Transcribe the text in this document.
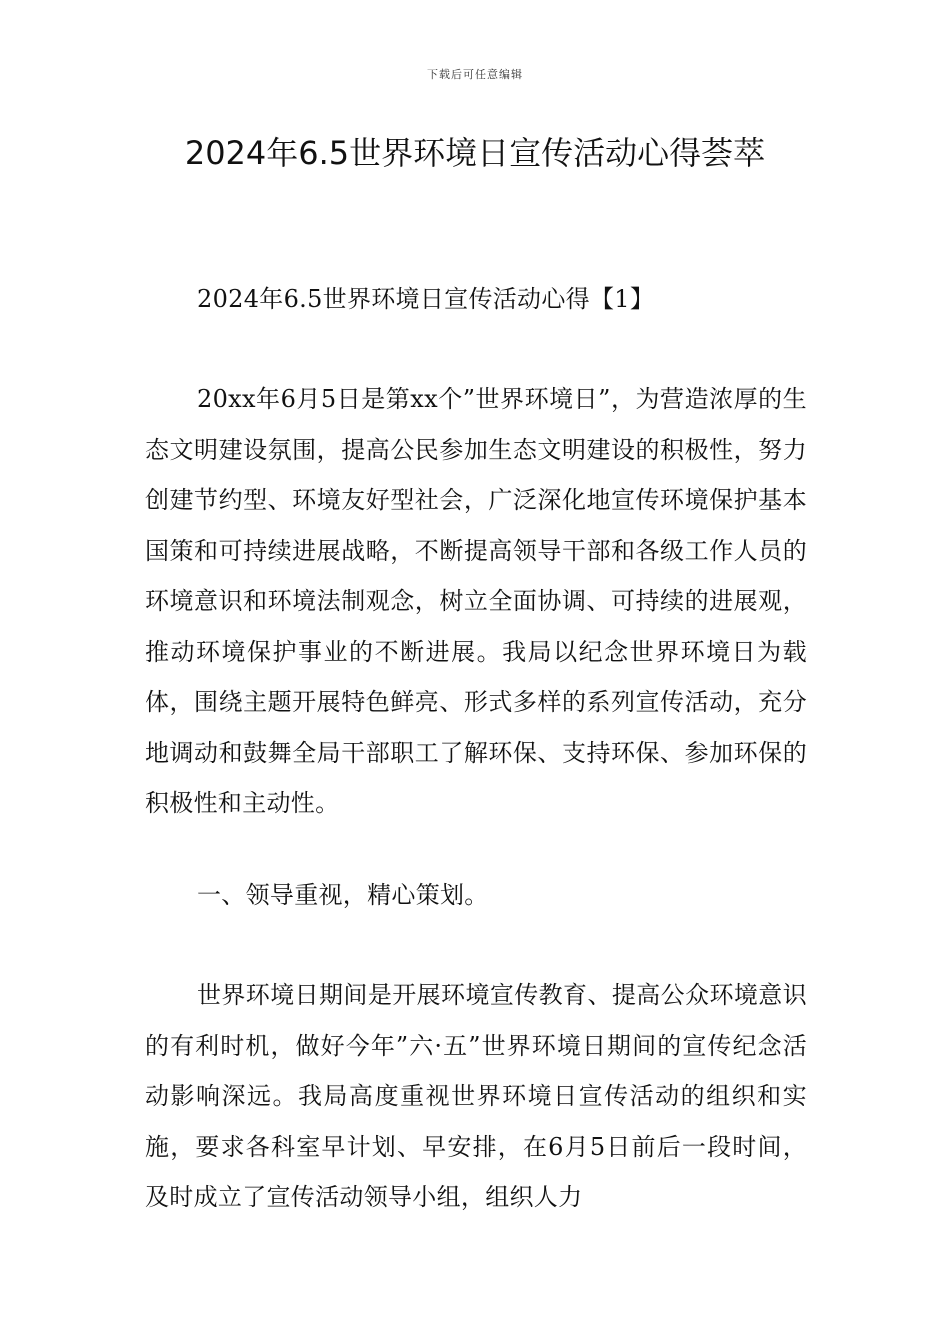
下载后可任意编辑
2024年6.5世界环境日宣传活动心得荟萃

2024年6.5世界环境日宣传活动心得【1】

20xx年6月5日是第xx个”世界环境日”，为营造浓厚的生态文明建设氛围，提高公民参加生态文明建设的积极性，努力创建节约型、环境友好型社会，广泛深化地宣传环境保护基本国策和可持续进展战略，不断提高领导干部和各级工作人员的环境意识和环境法制观念，树立全面协调、可持续的进展观，推动环境保护事业的不断进展。我局以纪念世界环境日为载体，围绕主题开展特色鲜亮、形式多样的系列宣传活动，充分地调动和鼓舞全局干部职工了解环保、支持环保、参加环保的积极性和主动性。

一、领导重视，精心策划。

世界环境日期间是开展环境宣传教育、提高公众环境意识的有利时机，做好今年”六·五”世界环境日期间的宣传纪念活动影响深远。我局高度重视世界环境日宣传活动的组织和实施，要求各科室早计划、早安排，在6月5日前后一段时间，及时成立了宣传活动领导小组，组织人力
